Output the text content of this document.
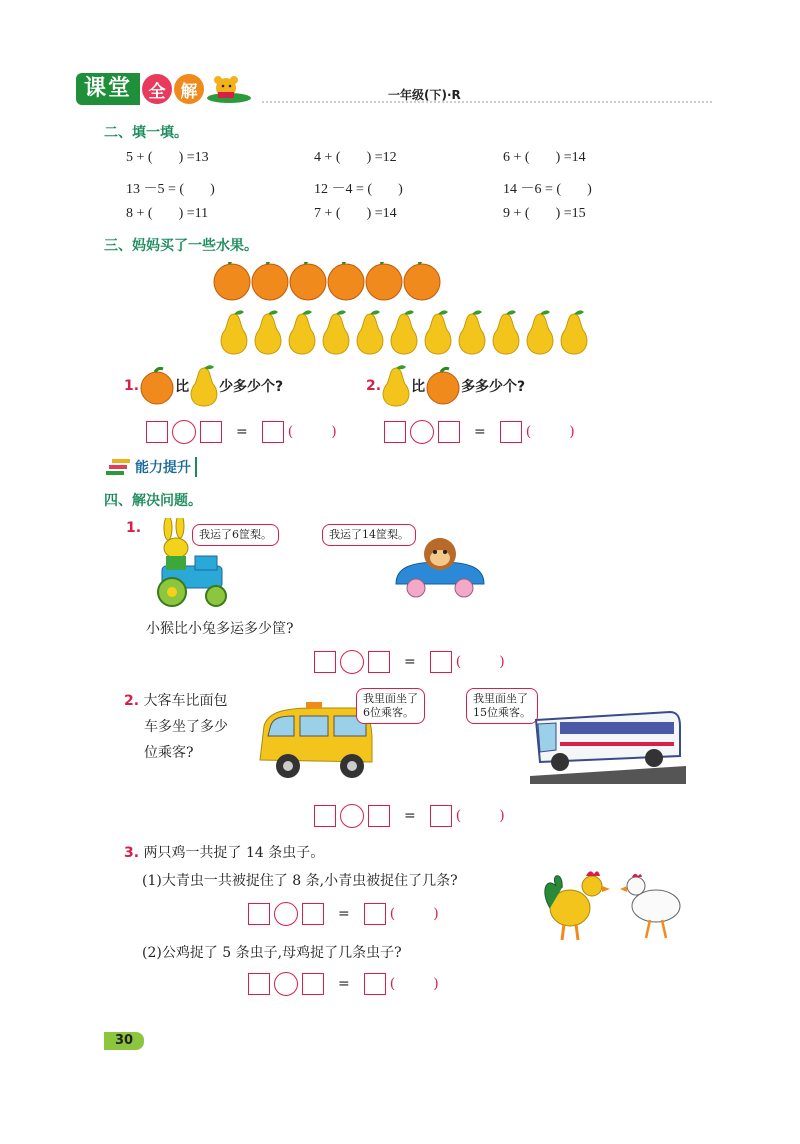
课堂 全 解	一年级(下)·R
二、填一填。
5 + ( ) =13	4 + ( ) =12	6 + ( ) =14
13 －5 = ( )	12 －4 = ( )	14 －6 = ( )
8 + ( ) =11	7 + ( ) =14	9 + ( ) =15
三、妈妈买了一些水果。
1.	比 少多少个?
=	(	)
2. 比	多多少个?
=	(	)
能力提升
四、解决问题。
1.	我运了6筐梨。	我运了14筐梨。
小猴比小兔多运多少筐?
=	(	)
2. 大客车比面包
车多坐了多少
位乘客?
我里面坐了
6位乘客。
我里面坐了
15位乘客。
=	(	)
3. 两只鸡一共捉了 14 条虫子。
(1)大青虫一共被捉住了 8 条,小青虫被捉住了几条?
=	(	)
(2)公鸡捉了 5 条虫子,母鸡捉了几条虫子?
=	(	)
30
